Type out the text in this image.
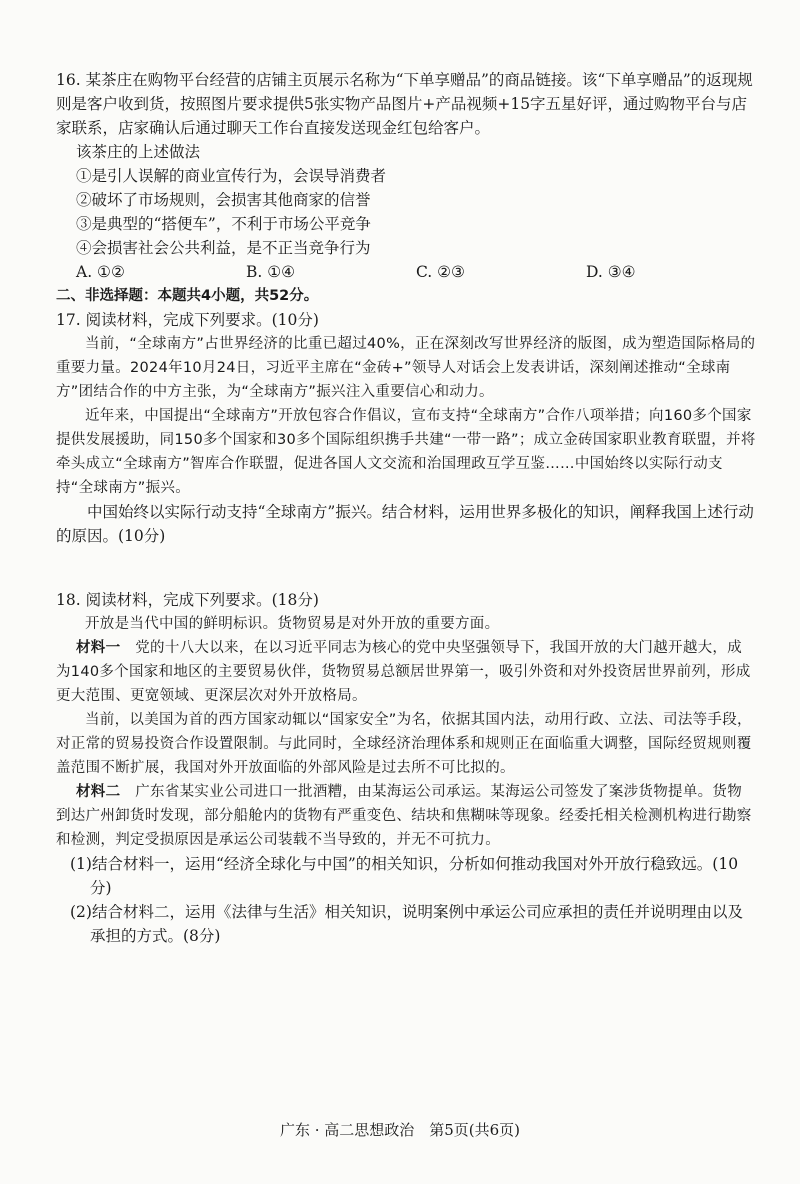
16. 某茶庄在购物平台经营的店铺主页展示名称为“下单享赠品”的商品链接。该“下单享赠品”的返现规则是客户收到货，按照图片要求提供5张实物产品图片+产品视频+15字五星好评，通过购物平台与店家联系，店家确认后通过聊天工作台直接发送现金红包给客户。

该茶庄的上述做法

①是引人误解的商业宣传行为，会误导消费者

②破坏了市场规则，会损害其他商家的信誉

③是典型的“搭便车”，不利于市场公平竞争

④会损害社会公共利益，是不正当竞争行为

A. ①②	B. ①④	C. ②③	D. ③④

二、非选择题：本题共4小题，共52分。

17. 阅读材料，完成下列要求。(10分)

当前，“全球南方”占世界经济的比重已超过40%，正在深刻改写世界经济的版图，成为塑造国际格局的重要力量。2024年10月24日，习近平主席在“金砖+”领导人对话会上发表讲话，深刻阐述推动“全球南方”团结合作的中方主张，为“全球南方”振兴注入重要信心和动力。

近年来，中国提出“全球南方”开放包容合作倡议，宣布支持“全球南方”合作八项举措；向160多个国家提供发展援助，同150多个国家和30多个国际组织携手共建“一带一路”；成立金砖国家职业教育联盟，并将牵头成立“全球南方”智库合作联盟，促进各国人文交流和治国理政互学互鉴……中国始终以实际行动支持“全球南方”振兴。

中国始终以实际行动支持“全球南方”振兴。结合材料，运用世界多极化的知识，阐释我国上述行动的原因。(10分)

18. 阅读材料，完成下列要求。(18分)

开放是当代中国的鲜明标识。货物贸易是对外开放的重要方面。

材料一　 党的十八大以来，在以习近平同志为核心的党中央坚强领导下，我国开放的大门越开越大，成为140多个国家和地区的主要贸易伙伴，货物贸易总额居世界第一，吸引外资和对外投资居世界前列，形成更大范围、更宽领域、更深层次对外开放格局。

当前，以美国为首的西方国家动辄以“国家安全”为名，依据其国内法，动用行政、立法、司法等手段，对正常的贸易投资合作设置限制。与此同时，全球经济治理体系和规则正在面临重大调整，国际经贸规则覆盖范围不断扩展，我国对外开放面临的外部风险是过去所不可比拟的。

材料二　 广东省某实业公司进口一批酒糟，由某海运公司承运。某海运公司签发了案涉货物提单。货物到达广州卸货时发现，部分船舱内的货物有严重变色、结块和焦糊味等现象。经委托相关检测机构进行勘察和检测，判定受损原因是承运公司装载不当导致的，并无不可抗力。

(1)结合材料一，运用“经济全球化与中国”的相关知识，分析如何推动我国对外开放行稳致远。(10分)

(2)结合材料二，运用《法律与生活》相关知识，说明案例中承运公司应承担的责任并说明理由以及承担的方式。(8分)

广东 · 高二思想政治　第5页(共6页)
